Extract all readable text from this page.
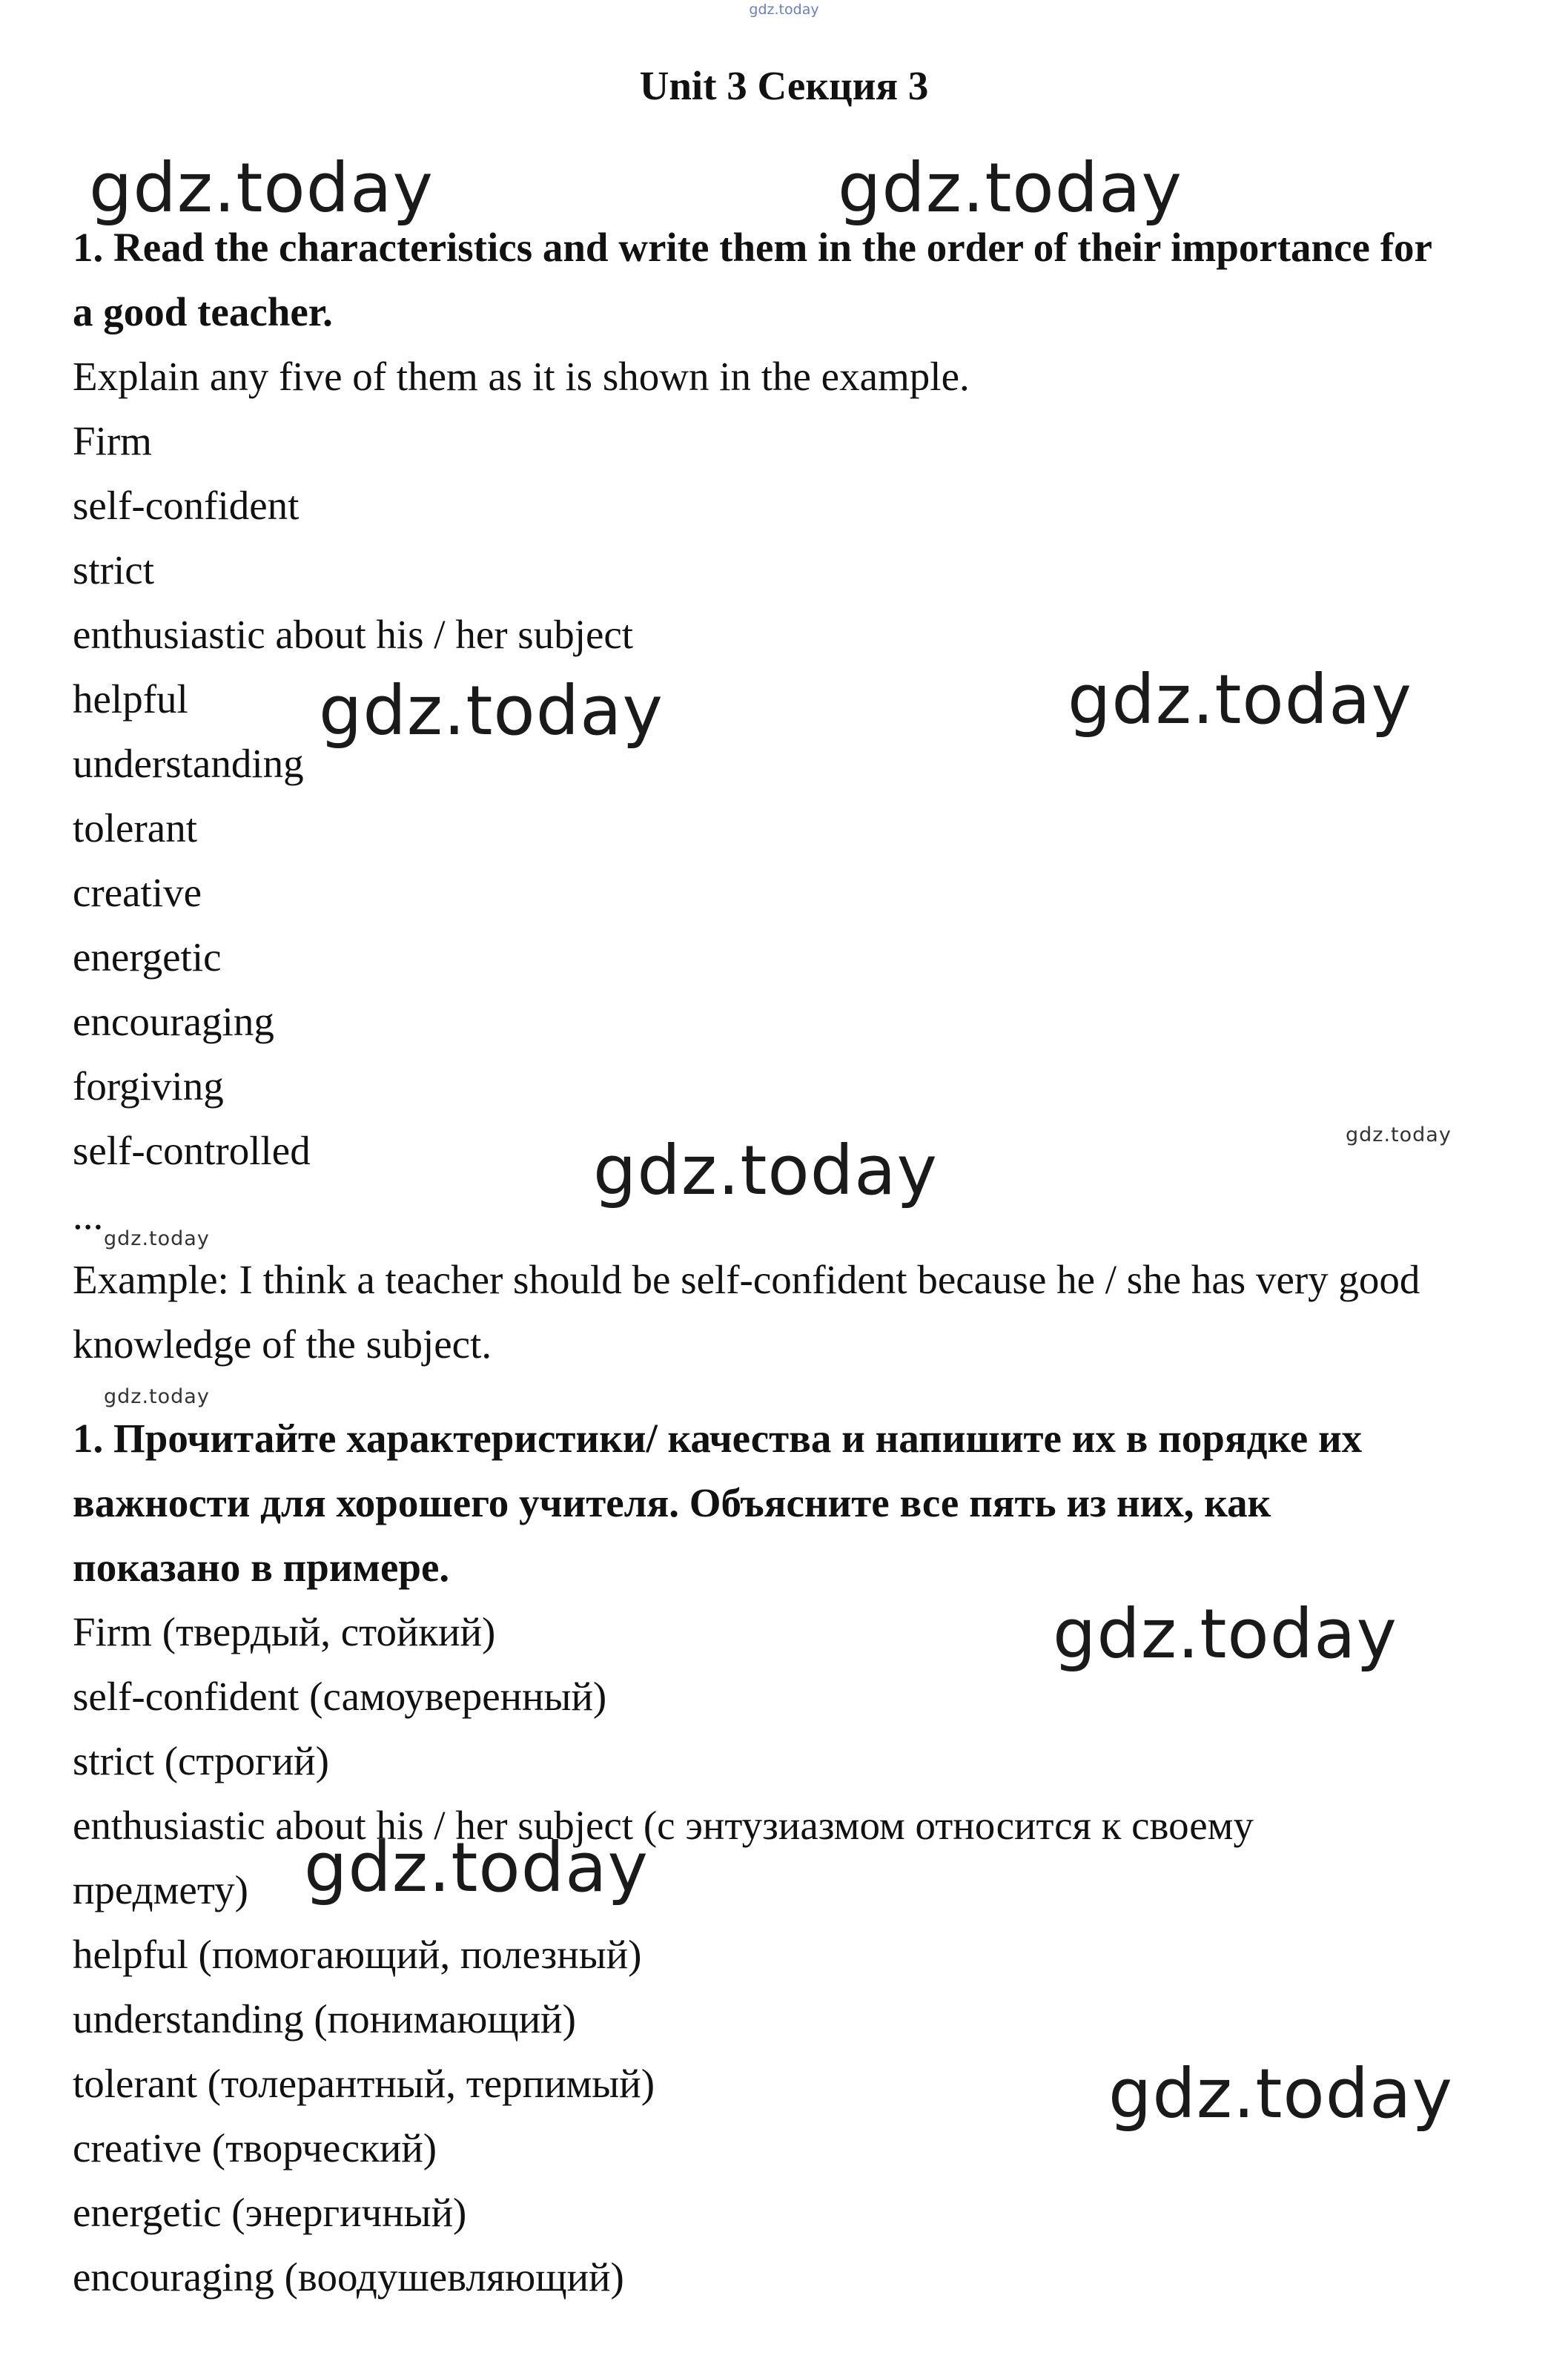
gdz.today
Unit 3 Секция 3
1. Read the characteristics and write them in the order of their importance for
a good teacher.
Explain any five of them as it is shown in the example.
Firm
self-confident
strict
enthusiastic about his / her subject
helpful
understanding
tolerant
creative
energetic
encouraging
forgiving
self-controlled
...
Example: I think a teacher should be self-confident because he / she has very good
knowledge of the subject.
1. Прочитайте характеристики/ качества и напишите их в порядке их
важности для хорошего учителя. Объясните все пять из них, как
показано в примере.
Firm (твердый, стойкий)
self-confident (самоуверенный)
strict (строгий)
enthusiastic about his / her subject (с энтузиазмом относится к своему
предмету)
helpful (помогающий, полезный)
understanding (понимающий)
tolerant (толерантный, терпимый)
creative (творческий)
energetic (энергичный)
encouraging (воодушевляющий)
gdz.today	gdz.today
gdz.today	gdz.today
gdz.today
gdz.today
gdz.today
gdz.today
gdz.today
gdz.today
gdz.today
